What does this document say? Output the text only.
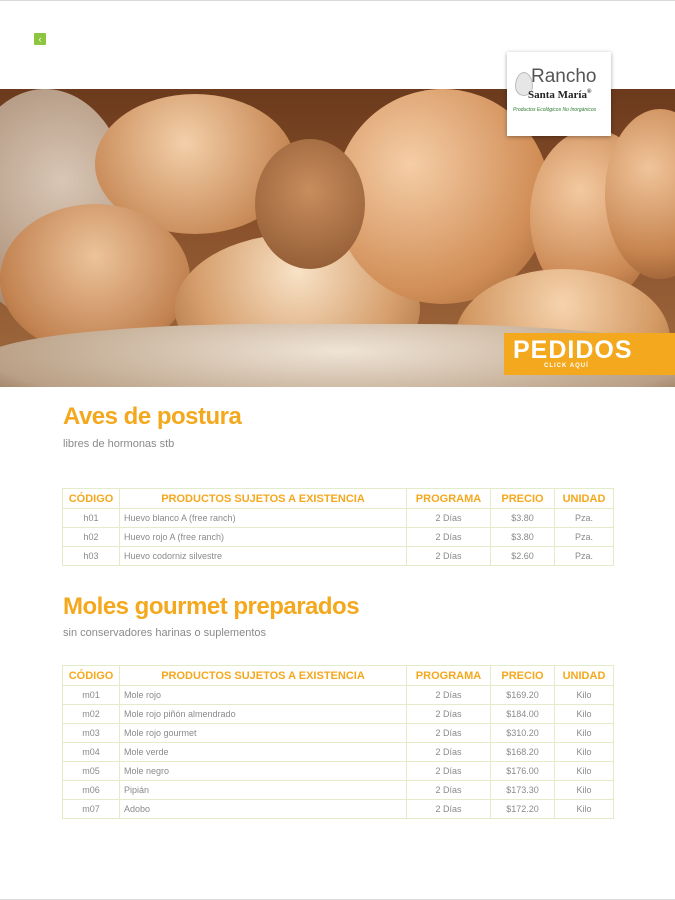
‹
Rancho
Santa María®
Productos Ecológicos No Inorgánicos
PEDIDOS
CLICK AQUÍ
Aves de postura
libres de hormonas stb
CÓDIGO	PRODUCTOS SUJETOS A EXISTENCIA	PROGRAMA	PRECIO	UNIDAD
h01	Huevo blanco A (free ranch)	2 Días	$3.80	Pza.
h02	Huevo rojo A (free ranch)	2 Días	$3.80	Pza.
h03	Huevo codorniz silvestre	2 Días	$2.60	Pza.
Moles gourmet preparados
sin conservadores harinas o suplementos
CÓDIGO	PRODUCTOS SUJETOS A EXISTENCIA	PROGRAMA	PRECIO	UNIDAD
m01	Mole rojo	2 Días	$169.20	Kilo
m02	Mole rojo piñón almendrado	2 Días	$184.00	Kilo
m03	Mole rojo gourmet	2 Días	$310.20	Kilo
m04	Mole verde	2 Días	$168.20	Kilo
m05	Mole negro	2 Días	$176.00	Kilo
m06	Pipián	2 Días	$173.30	Kilo
m07	Adobo	2 Días	$172.20	Kilo
